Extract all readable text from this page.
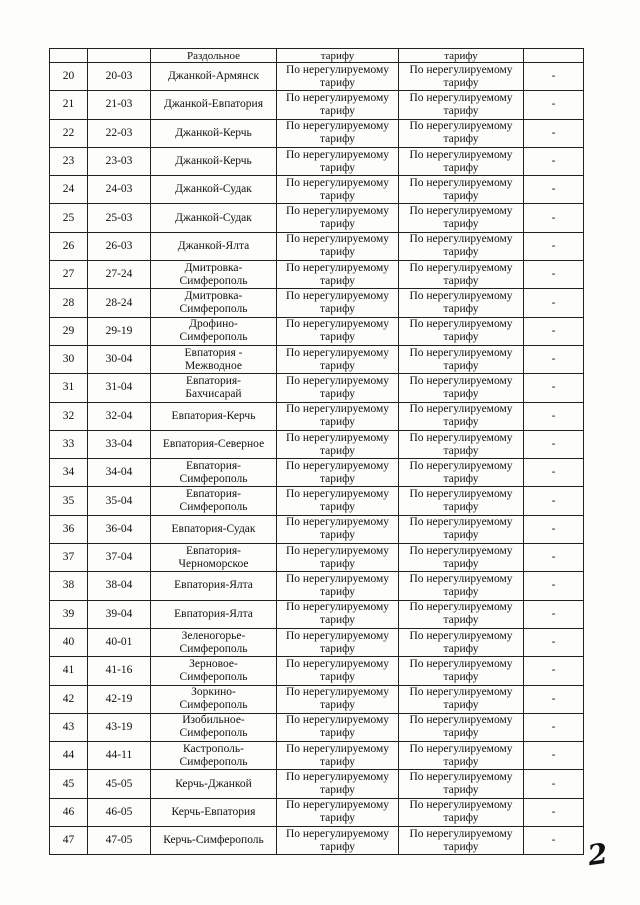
		Раздольное	тарифу	тарифу	

20	20-03	Джанкой-Армянск	По нерегулируемому
тарифу	По нерегулируемому
тарифу	-

21	21-03	Джанкой-Евпатория	По нерегулируемому
тарифу	По нерегулируемому
тарифу	-

22	22-03	Джанкой-Керчь	По нерегулируемому
тарифу	По нерегулируемому
тарифу	-

23	23-03	Джанкой-Керчь	По нерегулируемому
тарифу	По нерегулируемому
тарифу	-

24	24-03	Джанкой-Судак	По нерегулируемому
тарифу	По нерегулируемому
тарифу	-

25	25-03	Джанкой-Судак	По нерегулируемому
тарифу	По нерегулируемому
тарифу	-

26	26-03	Джанкой-Ялта	По нерегулируемому
тарифу	По нерегулируемому
тарифу	-

27	27-24	Дмитровка-
Симферополь	По нерегулируемому
тарифу	По нерегулируемому
тарифу	-

28	28-24	Дмитровка-
Симферополь	По нерегулируемому
тарифу	По нерегулируемому
тарифу	-

29	29-19	Дрофино-
Симферополь	По нерегулируемому
тарифу	По нерегулируемому
тарифу	-

30	30-04	Евпатория -
Межводное	По нерегулируемому
тарифу	По нерегулируемому
тарифу	-

31	31-04	Евпатория-
Бахчисарай	По нерегулируемому
тарифу	По нерегулируемому
тарифу	-

32	32-04	Евпатория-Керчь	По нерегулируемому
тарифу	По нерегулируемому
тарифу	-

33	33-04	Евпатория-Северное	По нерегулируемому
тарифу	По нерегулируемому
тарифу	-

34	34-04	Евпатория-
Симферополь	По нерегулируемому
тарифу	По нерегулируемому
тарифу	-

35	35-04	Евпатория-
Симферополь	По нерегулируемому
тарифу	По нерегулируемому
тарифу	-

36	36-04	Евпатория-Судак	По нерегулируемому
тарифу	По нерегулируемому
тарифу	-

37	37-04	Евпатория-
Черноморское	По нерегулируемому
тарифу	По нерегулируемому
тарифу	-

38	38-04	Евпатория-Ялта	По нерегулируемому
тарифу	По нерегулируемому
тарифу	-

39	39-04	Евпатория-Ялта	По нерегулируемому
тарифу	По нерегулируемому
тарифу	-

40	40-01	Зеленогорье-
Симферополь	По нерегулируемому
тарифу	По нерегулируемому
тарифу	-

41	41-16	Зерновое-
Симферополь	По нерегулируемому
тарифу	По нерегулируемому
тарифу	-

42	42-19	Зоркино-
Симферополь	По нерегулируемому
тарифу	По нерегулируемому
тарифу	-

43	43-19	Изобильное-
Симферополь	По нерегулируемому
тарифу	По нерегулируемому
тарифу	-

44	44-11	Кастрополь-
Симферополь	По нерегулируемому
тарифу	По нерегулируемому
тарифу	-

45	45-05	Керчь-Джанкой	По нерегулируемому
тарифу	По нерегулируемому
тарифу	-

46	46-05	Керчь-Евпатория	По нерегулируемому
тарифу	По нерегулируемому
тарифу	-

47	47-05	Керчь-Симферополь	По нерегулируемому
тарифу	По нерегулируемому
тарифу	-	2
